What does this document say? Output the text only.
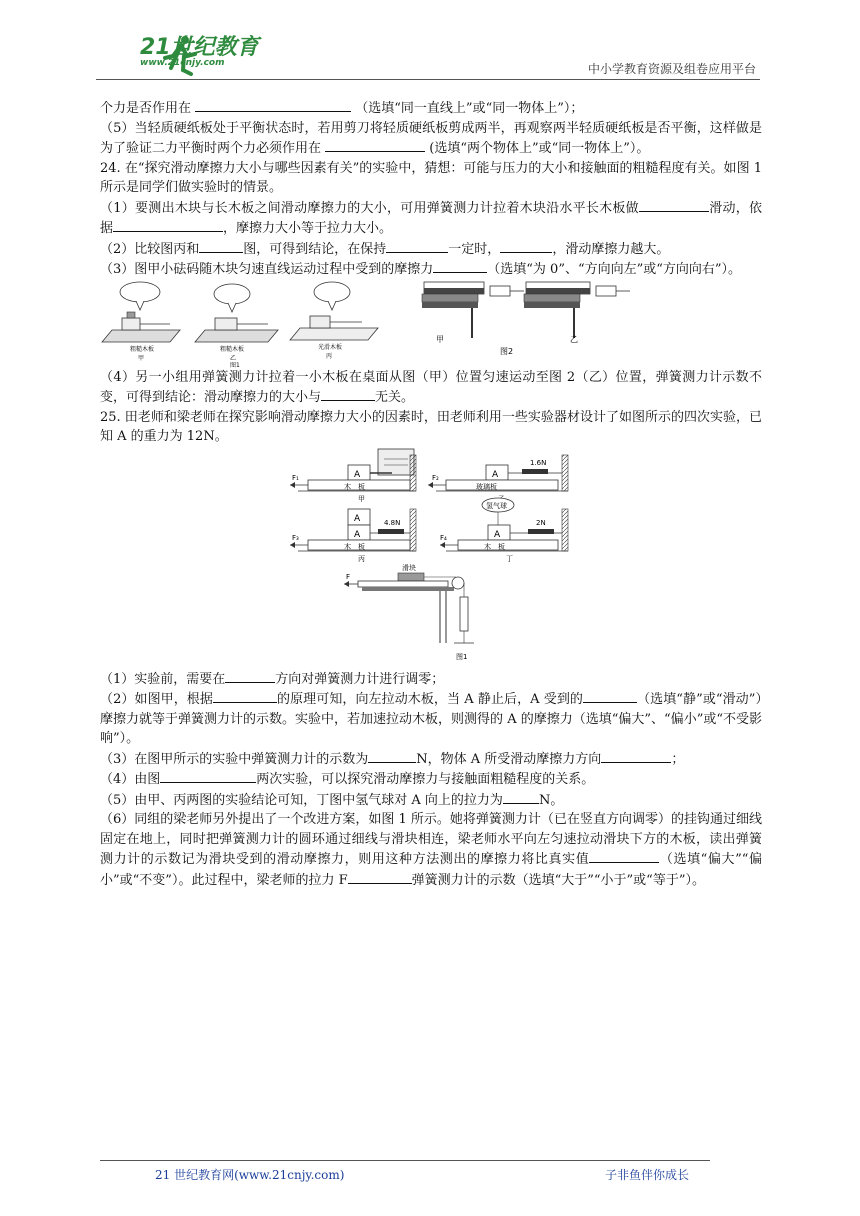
21世纪教育
www.21cnjy.com	中小学教育资源及组卷应用平台

个力是否作用在	（选填“同一直线上”或“同一物体上”）；

（5）当轻质硬纸板处于平衡状态时，若用剪刀将轻质硬纸板剪成两半，再观察两半轻质硬纸板是否平衡，这样做是为了验证二力平衡时两个力必须作用在	(选填“两个物体上”或“同一物体上”）。

24. 在“探究滑动摩擦力大小与哪些因素有关”的实验中，猜想：可能与压力的大小和接触面的粗糙程度有关。如图 1 所示是同学们做实验时的情景。

（1）要测出木块与长木板之间滑动摩擦力的大小，可用弹簧测力计拉着木块沿水平长木板做	滑动，依据	，摩擦力大小等于拉力大小。

（2）比较图丙和	图，可得到结论，在保持	一定时，	，滑动摩擦力越大。

（3）图甲小砝码随木块匀速直线运动过程中受到的摩擦力	（选填“为 0”、“方向向左”或“方向向右”）。

粗糙木板
甲
粗糙木板
乙
图1
光滑木板
丙
甲	乙
图2

（4）另一小组用弹簧测力计拉着一小木板在桌面从图（甲）位置匀速运动至图 2（乙）位置，弹簧测力计示数不变，可得到结论：滑动摩擦力的大小与	无关。

25. 田老师和梁老师在探究影响滑动摩擦力大小的因素时，田老师利用一些实验器材设计了如图所示的四次实验，已知 A 的重力为 12N。

A
木　板
F₁
甲
A
1.6N
玻璃板
F₂
A
A
4.8N
木　板
F₃
丙
氢气球
A
2N
木　板
F₄
丁
滑块
F
图1

（1）实验前，需要在	方向对弹簧测力计进行调零；

（2）如图甲，根据	的原理可知，向左拉动木板，当 A 静止后，A 受到的	（选填“静”或“滑动”）摩擦力就等于弹簧测力计的示数。实验中，若加速拉动木板，则测得的 A 的摩擦力（选填“偏大”、“偏小”或“不受影响”）。

（3）在图甲所示的实验中弹簧测力计的示数为	N，物体 A 所受滑动摩擦力方向	；

（4）由图	两次实验，可以探究滑动摩擦力与接触面粗糙程度的关系。

（5）由甲、丙两图的实验结论可知，丁图中氢气球对 A 向上的拉力为	N。

（6）同组的梁老师另外提出了一个改进方案，如图 1 所示。她将弹簧测力计（已在竖直方向调零）的挂钩通过细线固定在地上，同时把弹簧测力计的圆环通过细线与滑块相连，梁老师水平向左匀速拉动滑块下方的木板，读出弹簧测力计的示数记为滑块受到的滑动摩擦力，则用这种方法测出的摩擦力将比真实值	（选填“偏大”“偏小”或“不变”）。此过程中，梁老师的拉力 F	弹簧测力计的示数（选填“大于”“小于”或“等于”）。

21 世纪教育网(www.21cnjy.com)	子非鱼伴你成长
